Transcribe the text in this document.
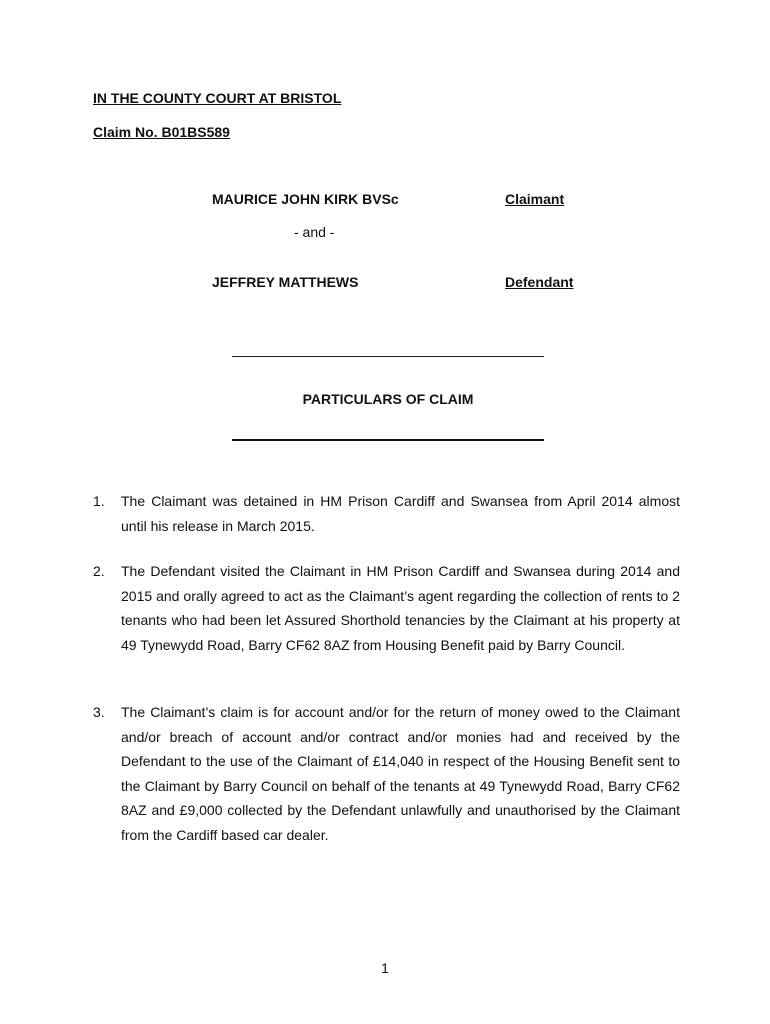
IN THE COUNTY COURT AT BRISTOL
Claim No. B01BS589
MAURICE JOHN KIRK BVSc	Claimant
- and -
JEFFREY MATTHEWS	Defendant
PARTICULARS OF CLAIM
1. The Claimant was detained in HM Prison Cardiff and Swansea from April 2014 almost until his release in March 2015.
2. The Defendant visited the Claimant in HM Prison Cardiff and Swansea during 2014 and 2015 and orally agreed to act as the Claimant’s agent regarding the collection of rents to 2 tenants who had been let Assured Shorthold tenancies by the Claimant at his property at 49 Tynewydd Road, Barry CF62 8AZ from Housing Benefit paid by Barry Council.
3. The Claimant’s claim is for account and/or for the return of money owed to the Claimant and/or breach of account and/or contract and/or monies had and received by the Defendant to the use of the Claimant of £14,040 in respect of the Housing Benefit sent to the Claimant by Barry Council on behalf of the tenants at 49 Tynewydd Road, Barry CF62 8AZ and £9,000 collected by the Defendant unlawfully and unauthorised by the Claimant from the Cardiff based car dealer.
1
